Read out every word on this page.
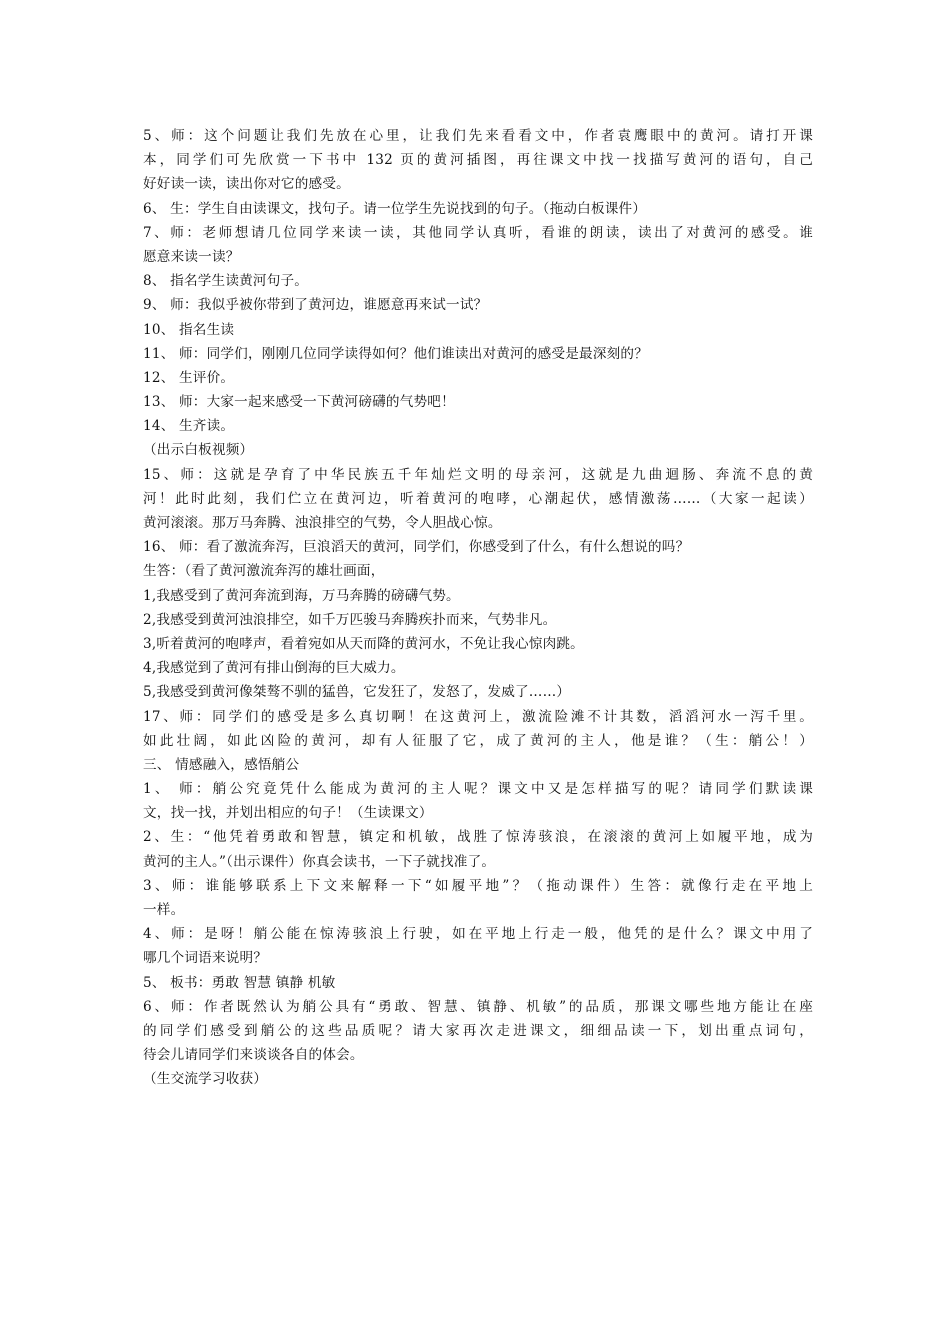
5、师：这个问题让我们先放在心里，让我们先来看看文中，作者袁鹰眼中的黄河。请打开课
本，同学们可先欣赏一下书中 132 页的黄河插图，再往课文中找一找描写黄河的语句，自己
好好读一读，读出你对它的感受。
6、 生：学生自由读课文，找句子。请一位学生先说找到的句子。（拖动白板课件）
7、师：老师想请几位同学来读一读，其他同学认真听，看谁的朗读，读出了对黄河的感受。谁
愿意来读一读？
8、 指名学生读黄河句子。
9、 师：我似乎被你带到了黄河边，谁愿意再来试一试？
10、 指名生读
11、 师：同学们，刚刚几位同学读得如何？他们谁读出对黄河的感受是最深刻的？
12、 生评价。
13、 师：大家一起来感受一下黄河磅礴的气势吧！
14、 生齐读。
（出示白板视频）
15、师：这就是孕育了中华民族五千年灿烂文明的母亲河，这就是九曲迴肠、奔流不息的黄
河！此时此刻，我们伫立在黄河边，听着黄河的咆哮，心潮起伏，感情激荡……（大家一起读）
黄河滚滚。那万马奔腾、浊浪排空的气势，令人胆战心惊。
16、 师：看了激流奔泻，巨浪滔天的黄河，同学们，你感受到了什么，有什么想说的吗？
生答：（看了黄河激流奔泻的雄壮画面，
1,我感受到了黄河奔流到海，万马奔腾的磅礴气势。
2,我感受到黄河浊浪排空，如千万匹骏马奔腾疾扑而来，气势非凡。
3,听着黄河的咆哮声，看着宛如从天而降的黄河水，不免让我心惊肉跳。
4,我感觉到了黄河有排山倒海的巨大威力。
5,我感受到黄河像桀骜不驯的猛兽，它发狂了，发怒了，发威了……）
17、师：同学们的感受是多么真切啊！在这黄河上，激流险滩不计其数，滔滔河水一泻千里。
如此壮阔，如此凶险的黄河，却有人征服了它，成了黄河的主人，他是谁？（生：艄公！）
三、 情感融入，感悟艄公
1、 师：艄公究竟凭什么能成为黄河的主人呢？课文中又是怎样描写的呢？请同学们默读课
文，找一找，并划出相应的句子！（生读课文）
2、生：“他凭着勇敢和智慧，镇定和机敏，战胜了惊涛骇浪，在滚滚的黄河上如履平地，成为
黄河的主人。”（出示课件）你真会读书，一下子就找准了。
3、师：谁能够联系上下文来解释一下“如履平地”？（拖动课件）生答：就像行走在平地上
一样。
4、师：是呀！艄公能在惊涛骇浪上行驶，如在平地上行走一般，他凭的是什么？课文中用了
哪几个词语来说明？
5、 板书：勇敢 智慧 镇静 机敏
6、师：作者既然认为艄公具有“勇敢、智慧、镇静、机敏”的品质，那课文哪些地方能让在座
的同学们感受到艄公的这些品质呢？请大家再次走进课文，细细品读一下，划出重点词句，
待会儿请同学们来谈谈各自的体会。
（生交流学习收获）
